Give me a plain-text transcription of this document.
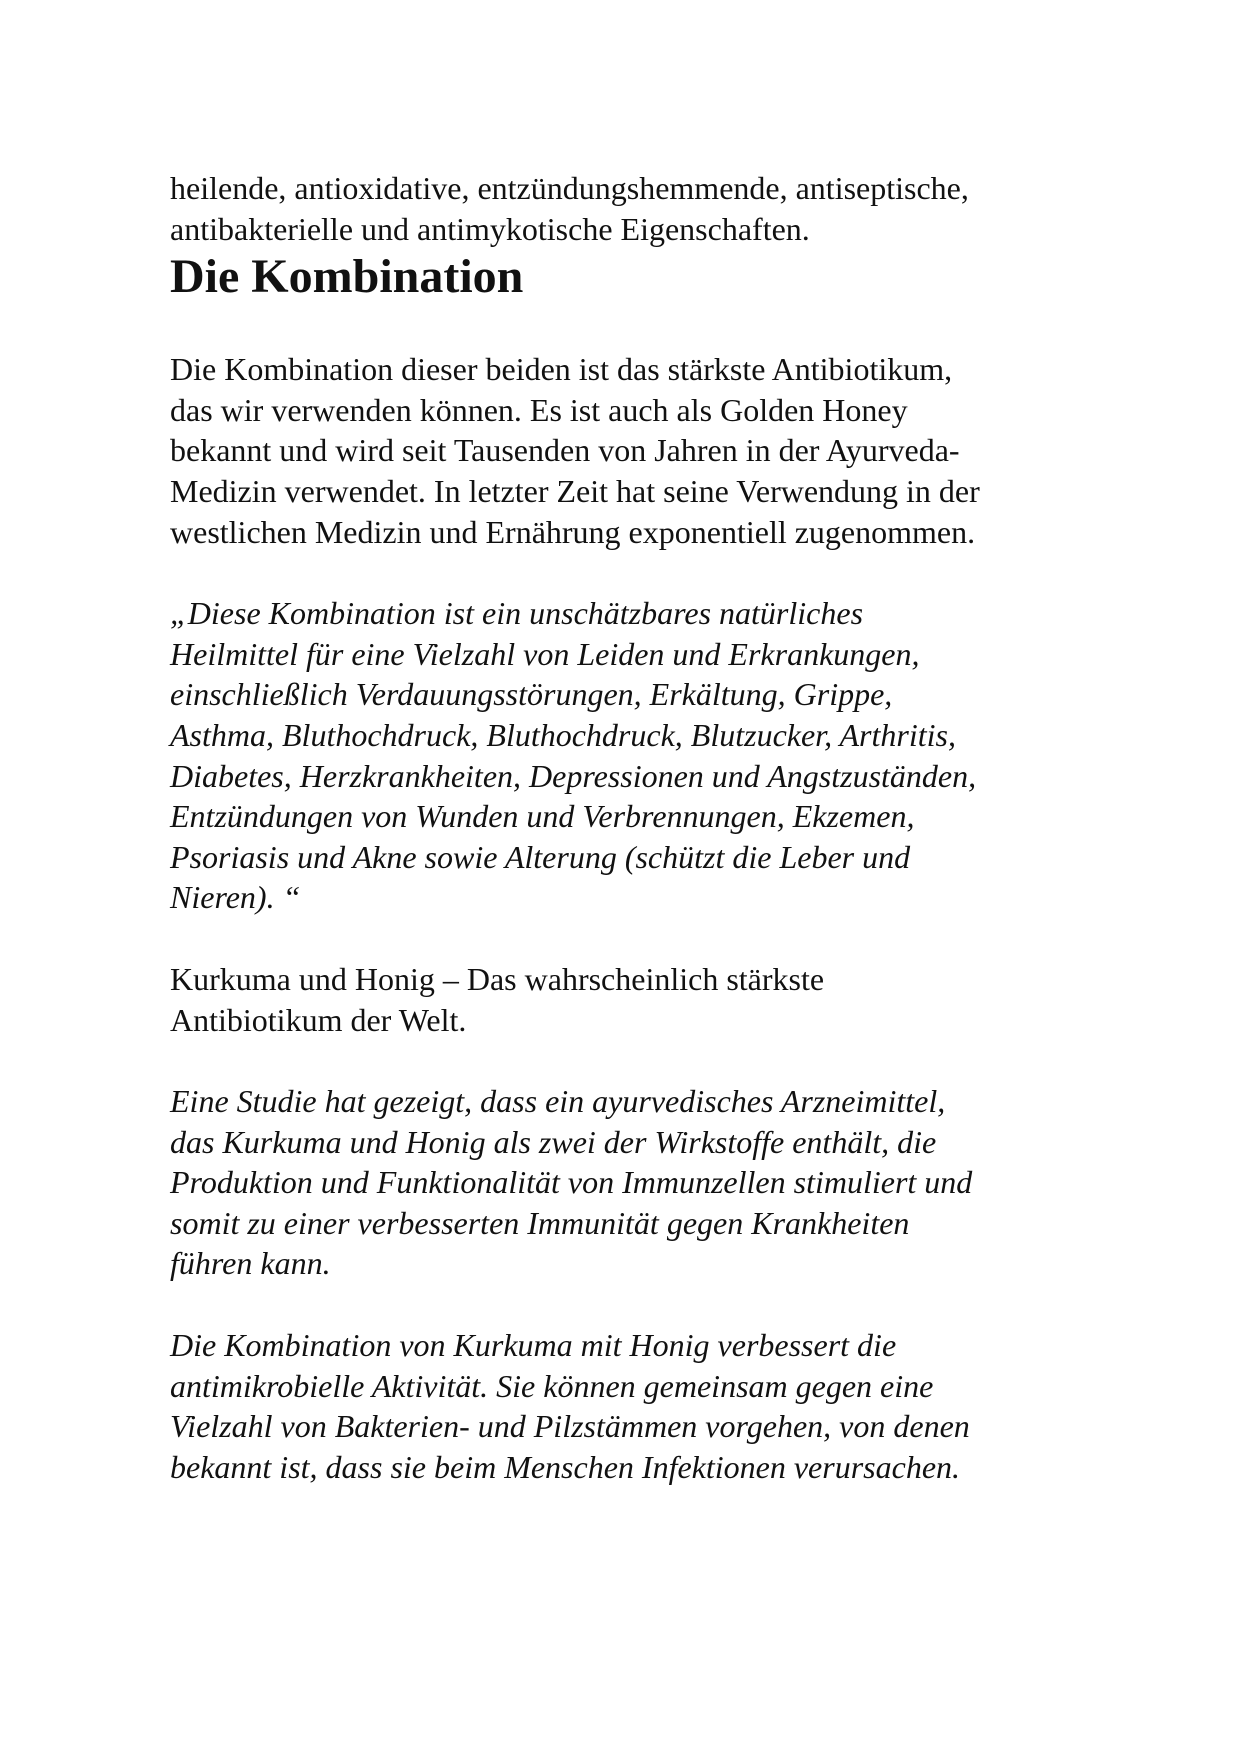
heilende, antioxidative, entzündungshemmende, antiseptische,
antibakterielle und antimykotische Eigenschaften.

Die Kombination

Die Kombination dieser beiden ist das stärkste Antibiotikum,
das wir verwenden können. Es ist auch als Golden Honey
bekannt und wird seit Tausenden von Jahren in der Ayurveda-
Medizin verwendet. In letzter Zeit hat seine Verwendung in der
westlichen Medizin und Ernährung exponentiell zugenommen.

„Diese Kombination ist ein unschätzbares natürliches
Heilmittel für eine Vielzahl von Leiden und Erkrankungen,
einschließlich Verdauungsstörungen, Erkältung, Grippe,
Asthma, Bluthochdruck, Bluthochdruck, Blutzucker, Arthritis,
Diabetes, Herzkrankheiten, Depressionen und Angstzuständen,
Entzündungen von Wunden und Verbrennungen, Ekzemen,
Psoriasis und Akne sowie Alterung (schützt die Leber und
Nieren). “

Kurkuma und Honig – Das wahrscheinlich stärkste
Antibiotikum der Welt.

Eine Studie hat gezeigt, dass ein ayurvedisches Arzneimittel,
das Kurkuma und Honig als zwei der Wirkstoffe enthält, die
Produktion und Funktionalität von Immunzellen stimuliert und
somit zu einer verbesserten Immunität gegen Krankheiten
führen kann.

Die Kombination von Kurkuma mit Honig verbessert die
antimikrobielle Aktivität. Sie können gemeinsam gegen eine
Vielzahl von Bakterien- und Pilzstämmen vorgehen, von denen
bekannt ist, dass sie beim Menschen Infektionen verursachen.
